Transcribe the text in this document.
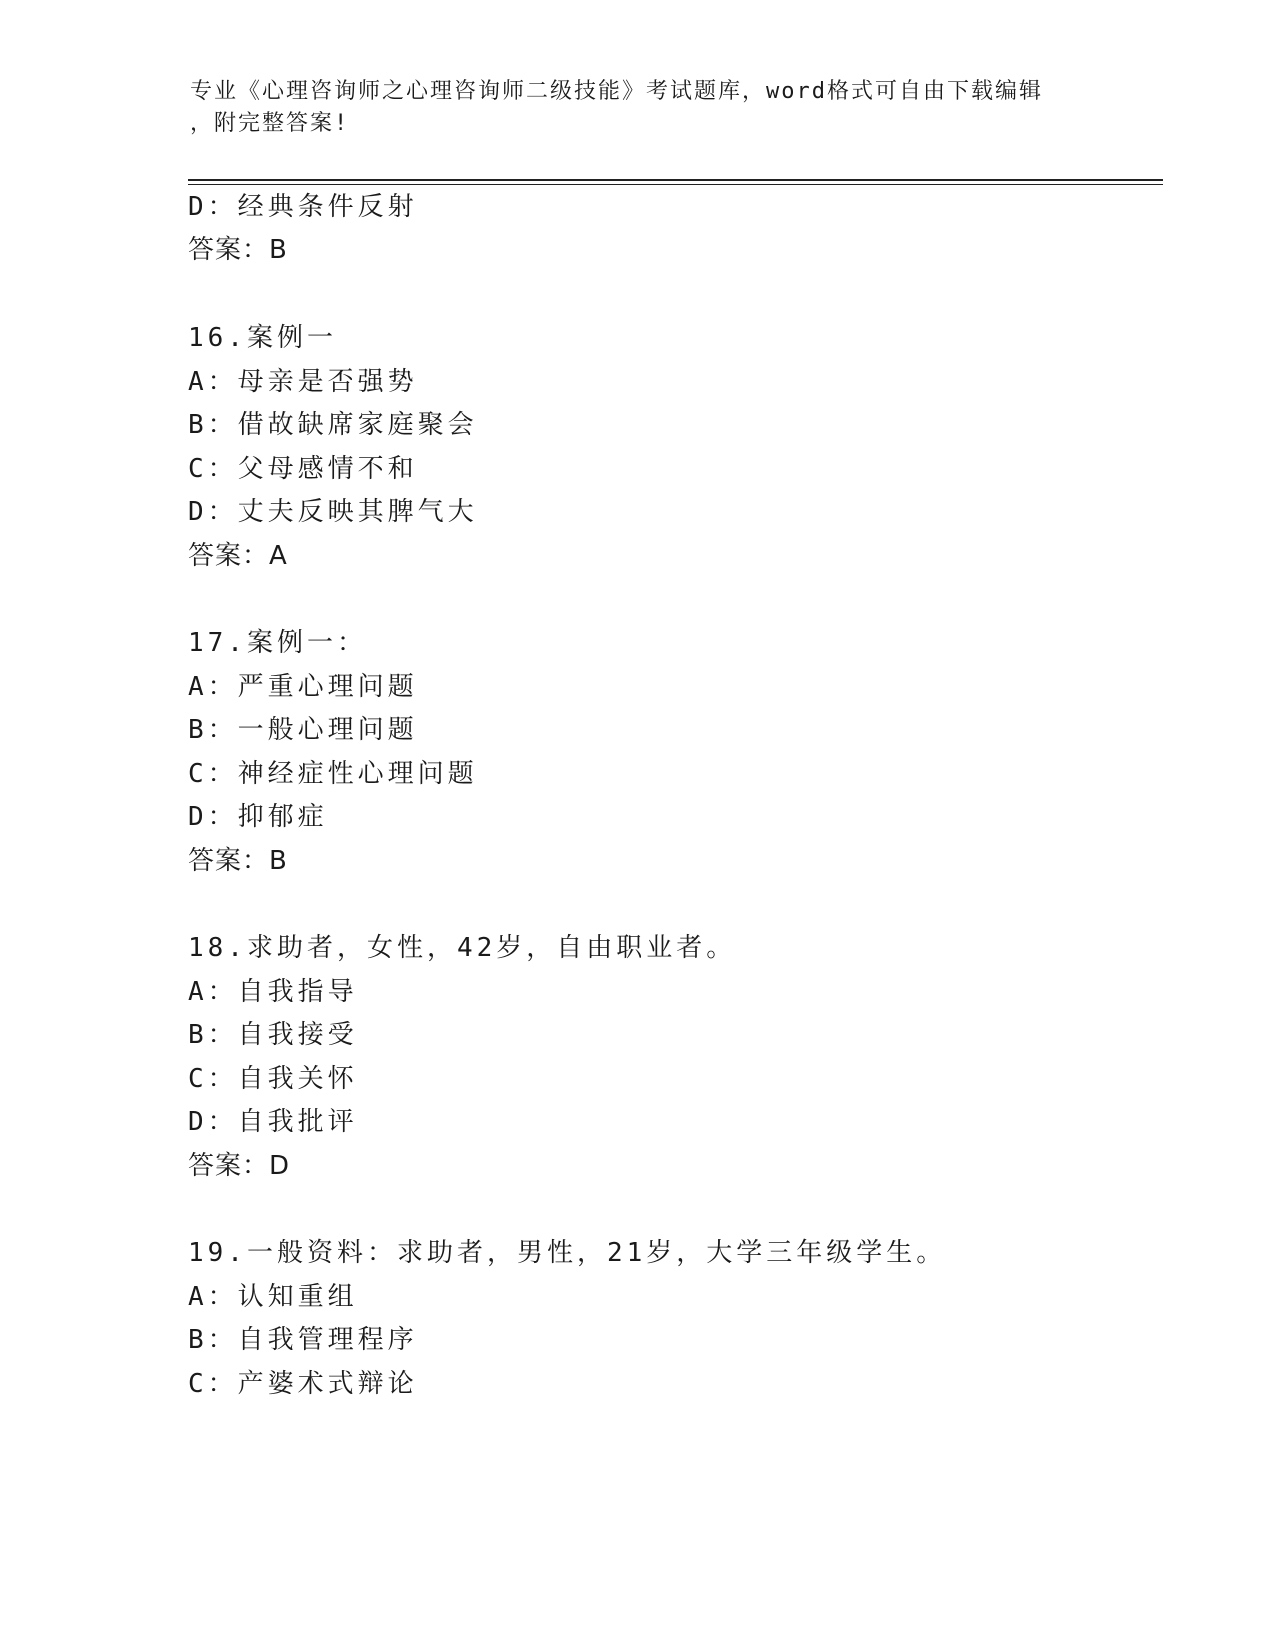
专业《心理咨询师之心理咨询师二级技能》考试题库，word格式可自由下载编辑
，附完整答案!
D：经典条件反射
答案：B
16.案例一
A：母亲是否强势
B：借故缺席家庭聚会
C：父母感情不和
D：丈夫反映其脾气大
答案：A
17.案例一：
A：严重心理问题
B：一般心理问题
C：神经症性心理问题
D：抑郁症
答案：B
18.求助者，女性，42岁，自由职业者。
A：自我指导
B：自我接受
C：自我关怀
D：自我批评
答案：D
19.一般资料：求助者，男性，21岁，大学三年级学生。
A：认知重组
B：自我管理程序
C：产婆术式辩论
